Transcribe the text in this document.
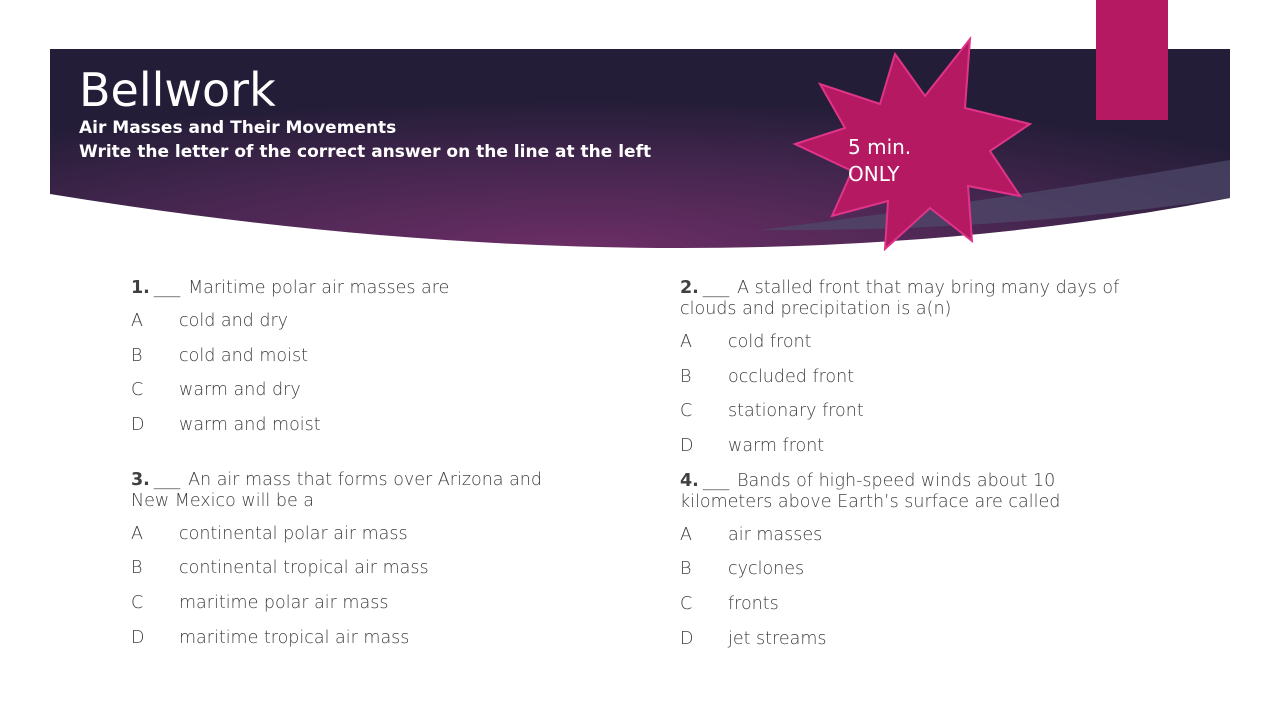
Bellwork

Air Masses and Their Movements

Write the letter of the correct answer on the line at the left	5 min.
ONLY

1. ___ Maritime polar air masses are

A	cold and dry
B	cold and moist
C	warm and dry
D	warm and moist

3. ___ An air mass that forms over Arizona and New Mexico will be a

A	continental polar air mass
B	continental tropical air mass
C	maritime polar air mass
D	maritime tropical air mass

2. ___ A stalled front that may bring many days of clouds and precipitation is a(n)

A	cold front
B	occluded front
C	stationary front
D	warm front

4. ___ Bands of high-speed winds about 10 kilometers above Earth’s surface are called

A	air masses
B	cyclones
C	fronts
D	jet streams
